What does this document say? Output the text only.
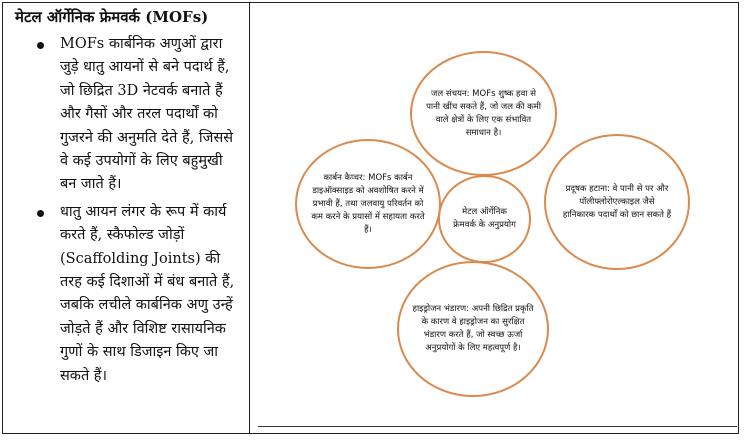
मेटल ऑर्गेनिक फ्रेमवर्क (MOFs)
MOFs कार्बनिक अणुओं द्वारा जुड़े धातु आयनों से बने पदार्थ हैं, जो छिद्रित 3D नेटवर्क बनाते हैं और गैसों और तरल पदार्थों को गुजरने की अनुमति देते हैं, जिससे वे कई उपयोगों के लिए बहुमुखी बन जाते हैं।
धातु आयन लंगर के रूप में कार्य करते हैं, स्कैफोल्ड जोड़ों (Scaffolding Joints) की तरह कई दिशाओं में बंध बनाते हैं, जबकि लचीले कार्बनिक अणु उन्हें जोड़ते हैं और विशिष्ट रासायनिक गुणों के साथ डिजाइन किए जा सकते हैं।
जल संचयन: MOFs शुष्क हवा से पानी खींच सकते हैं, जो जल की कमी वाले क्षेत्रों के लिए एक संभावित समाधान है।
कार्बन कैप्चर: MOFs कार्बन डाइऑक्साइड को अवशोषित करने में प्रभावी हैं, तथा जलवायु परिवर्तन को कम करने के प्रयासों में सहायता करते हैं।
प्रदूषक हटाना: वे पानी से पर और पॉलीफ्लोरोएल्काइल जैसे हानिकारक पदार्थों को छान सकते हैं
हाइड्रोजन भंडारण: अपनी छिद्रित प्रकृति के कारण वे हाइड्रोजन का सुरक्षित भंडारण करते हैं, जो स्वच्छ ऊर्जा अनुप्रयोगों के लिए महत्वपूर्ण है।
मेटल ऑर्गेनिक फ्रेमवर्क के अनुप्रयोग
